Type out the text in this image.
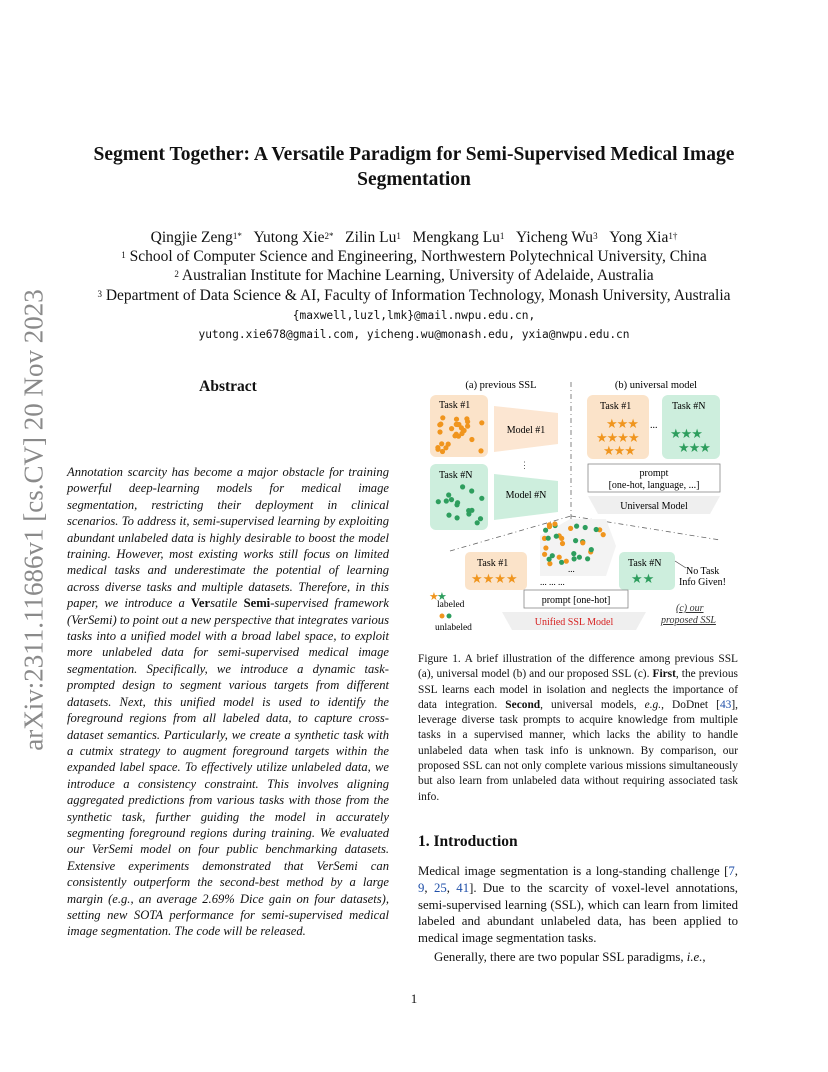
arXiv:2311.11686v1 [cs.CV] 20 Nov 2023
Segment Together: A Versatile Paradigm for Semi-Supervised Medical Image Segmentation
Qingjie Zeng$^{1*}$ Yutong Xie$^{2*}$ Zilin Lu$^1$ Mengkang Lu$^1$ Yicheng Wu$^3$ Yong Xia$^{1\dagger}$
$^1$ School of Computer Science and Engineering, Northwestern Polytechnical University, China
$^2$ Australian Institute for Machine Learning, University of Adelaide, Australia
$^3$ Department of Data Science & AI, Faculty of Information Technology, Monash University, Australia
{maxwell,luzl,lmk}@mail.nwpu.edu.cn,
yutong.xie678@gmail.com, yicheng.wu@monash.edu, yxia@nwpu.edu.cn
Abstract
Annotation scarcity has become a major obstacle for training powerful deep-learning models for medical image segmentation, restricting their deployment in clinical scenarios. To address it, semi-supervised learning by exploiting abundant unlabeled data is highly desirable to boost the model training. However, most existing works still focus on limited medical tasks and underestimate the potential of learning across diverse tasks and multiple datasets. Therefore, in this paper, we introduce a Versatile Semi-supervised framework (VerSemi) to point out a new perspective that integrates various tasks into a unified model with a broad label space, to exploit more unlabeled data for semi-supervised medical image segmentation. Specifically, we introduce a dynamic task-prompted design to segment various targets from different datasets. Next, this unified model is used to identify the foreground regions from all labeled data, to capture cross-dataset semantics. Particularly, we create a synthetic task with a cutmix strategy to augment foreground targets within the expanded label space. To effectively utilize unlabeled data, we introduce a consistency constraint. This involves aligning aggregated predictions from various tasks with those from the synthetic task, further guiding the model in accurately segmenting foreground regions during training. We evaluated our VerSemi model on four public benchmarking datasets. Extensive experiments demonstrated that VerSemi can consistently outperform the second-best method by a large margin (e.g., an average 2.69% Dice gain on four datasets), setting new SOTA performance for semi-supervised medical image segmentation. The code will be released.
(a) previous SSL	(b) universal model
Task #1
Model #1
⋮
Task #N
Model #N
Task #1
★★★
★★★★
★★★
...
Task #N
★★★
★★★
prompt
[one-hot, language, ...]
Universal Model
...
Task #1
★★★★
Task #N
★★
... ... ...
No Task
Info Given!
★
★
labeled
unlabeled
prompt [one-hot]
Unified SSL Model
(c) our
proposed SSL
Figure 1. A brief illustration of the difference among previous SSL (a), universal model (b) and our proposed SSL (c). First, the previous SSL learns each model in isolation and neglects the importance of data integration. Second, universal models, e.g., DoDnet [43], leverage diverse task prompts to acquire knowledge from multiple tasks in a supervised manner, which lacks the ability to handle unlabeled data when task info is unknown. By comparison, our proposed SSL can not only complete various missions simultaneously but also learn from unlabeled data without requiring associated task info.
1. Introduction

Medical image segmentation is a long-standing challenge [7, 9, 25, 41]. Due to the scarcity of voxel-level annotations, semi-supervised learning (SSL), which can learn from limited labeled and abundant unlabeled data, has been applied to medical image segmentation tasks.

Generally, there are two popular SSL paradigms, i.e.,

1
